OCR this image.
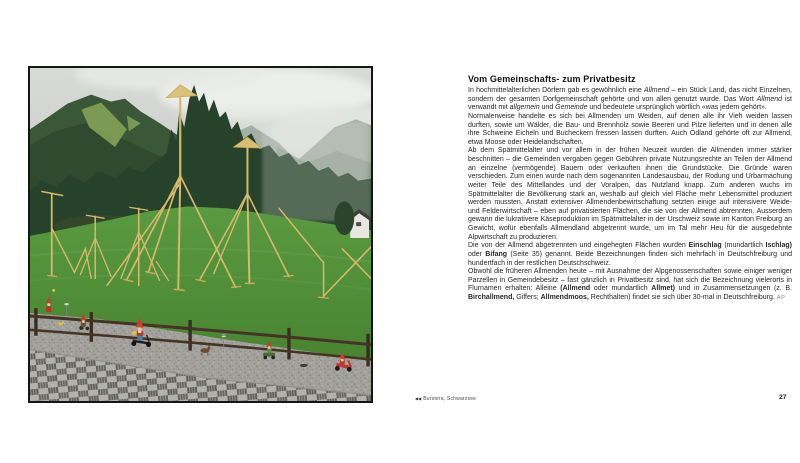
Vom Gemeinschafts- zum Privatbesitz

In hochmittelalterlichen Dörfern gab es gewöhnlich eine Allmend – ein Stück Land, das nicht Einzelnen, sondern der gesamten Dorfgemeinschaft gehörte und von allen genutzt wurde. Das Wort Allmend ist verwandt mit allgemein und Gemeinde und bedeutete ursprünglich wörtlich «was jedem gehört».

Normalerweise handelte es sich bei Allmenden um Weiden, auf denen alle ihr Vieh weiden lassen durften, sowie um Wälder, die Bau- und Brennholz sowie Beeren und Pilze lieferten und in denen alle ihre Schweine Eicheln und Bucheckern fressen lassen durften. Auch Ödland gehörte oft zur Allmend, etwa Moose oder Heidelandschaften.

Ab dem Spätmittelalter und vor allem in der frühen Neuzeit wurden die Allmenden immer stärker beschnitten – die Gemeinden vergaben gegen Gebühren private Nutzungsrechte an Teilen der Allmend an einzelne (vermögende) Bauern oder verkauften ihnen die Grundstücke. Die Gründe waren verschieden. Zum einen wurde nach dem sogenannten Landesausbau, der Rodung und Urbarmachung weiter Teile des Mittellandes und der Voralpen, das Nutzland knapp. Zum anderen wuchs im Spätmittelalter die Bevölkerung stark an, weshalb auf gleich viel Fläche mehr Lebensmittel produziert werden mussten. Anstatt extensiver Allmendenbewirtschaftung setzten einige auf intensivere Weide- und Felderwirtschaft – eben auf privatisierten Flächen, die sie von der Allmend abtrennten. Ausserdem gewann die lukrativere Käseproduktion im Spätmittelalter in der Urschweiz sowie im Kanton Freiburg an Gewicht, wofür ebenfalls Allmendland abgetrennt wurde, um im Tal mehr Heu für die ausgedehnte Alpwirtschaft zu produzieren.

Die von der Allmend abgetrennten und eingehegten Flächen wurden Einschlag (mundartlich Ischlag) oder Bifang (Seite 35) genannt. Beide Bezeichnungen finden sich mehrfach in Deutschfreiburg und hundertfach in der restlichen Deutschschweiz.

Obwohl die früheren Allmenden heute – mit Ausnahme der Alpgenossenschaften sowie einiger weniger Parzellen in Gemeindebesitz – fast gänzlich in Privatbesitz sind, hat sich die Bezeichnung vielerorts in Flurnamen erhalten: Alleine (Allmend oder mundartlich Allmet) und in Zusammensetzungen (z. B. Birchallmend, Giffers; Allmendmoos, Rechthalten) findet sie sich über 30-mal in Deutschfreiburg. AP

◀◀ Burstera, Schwarzsee	27
